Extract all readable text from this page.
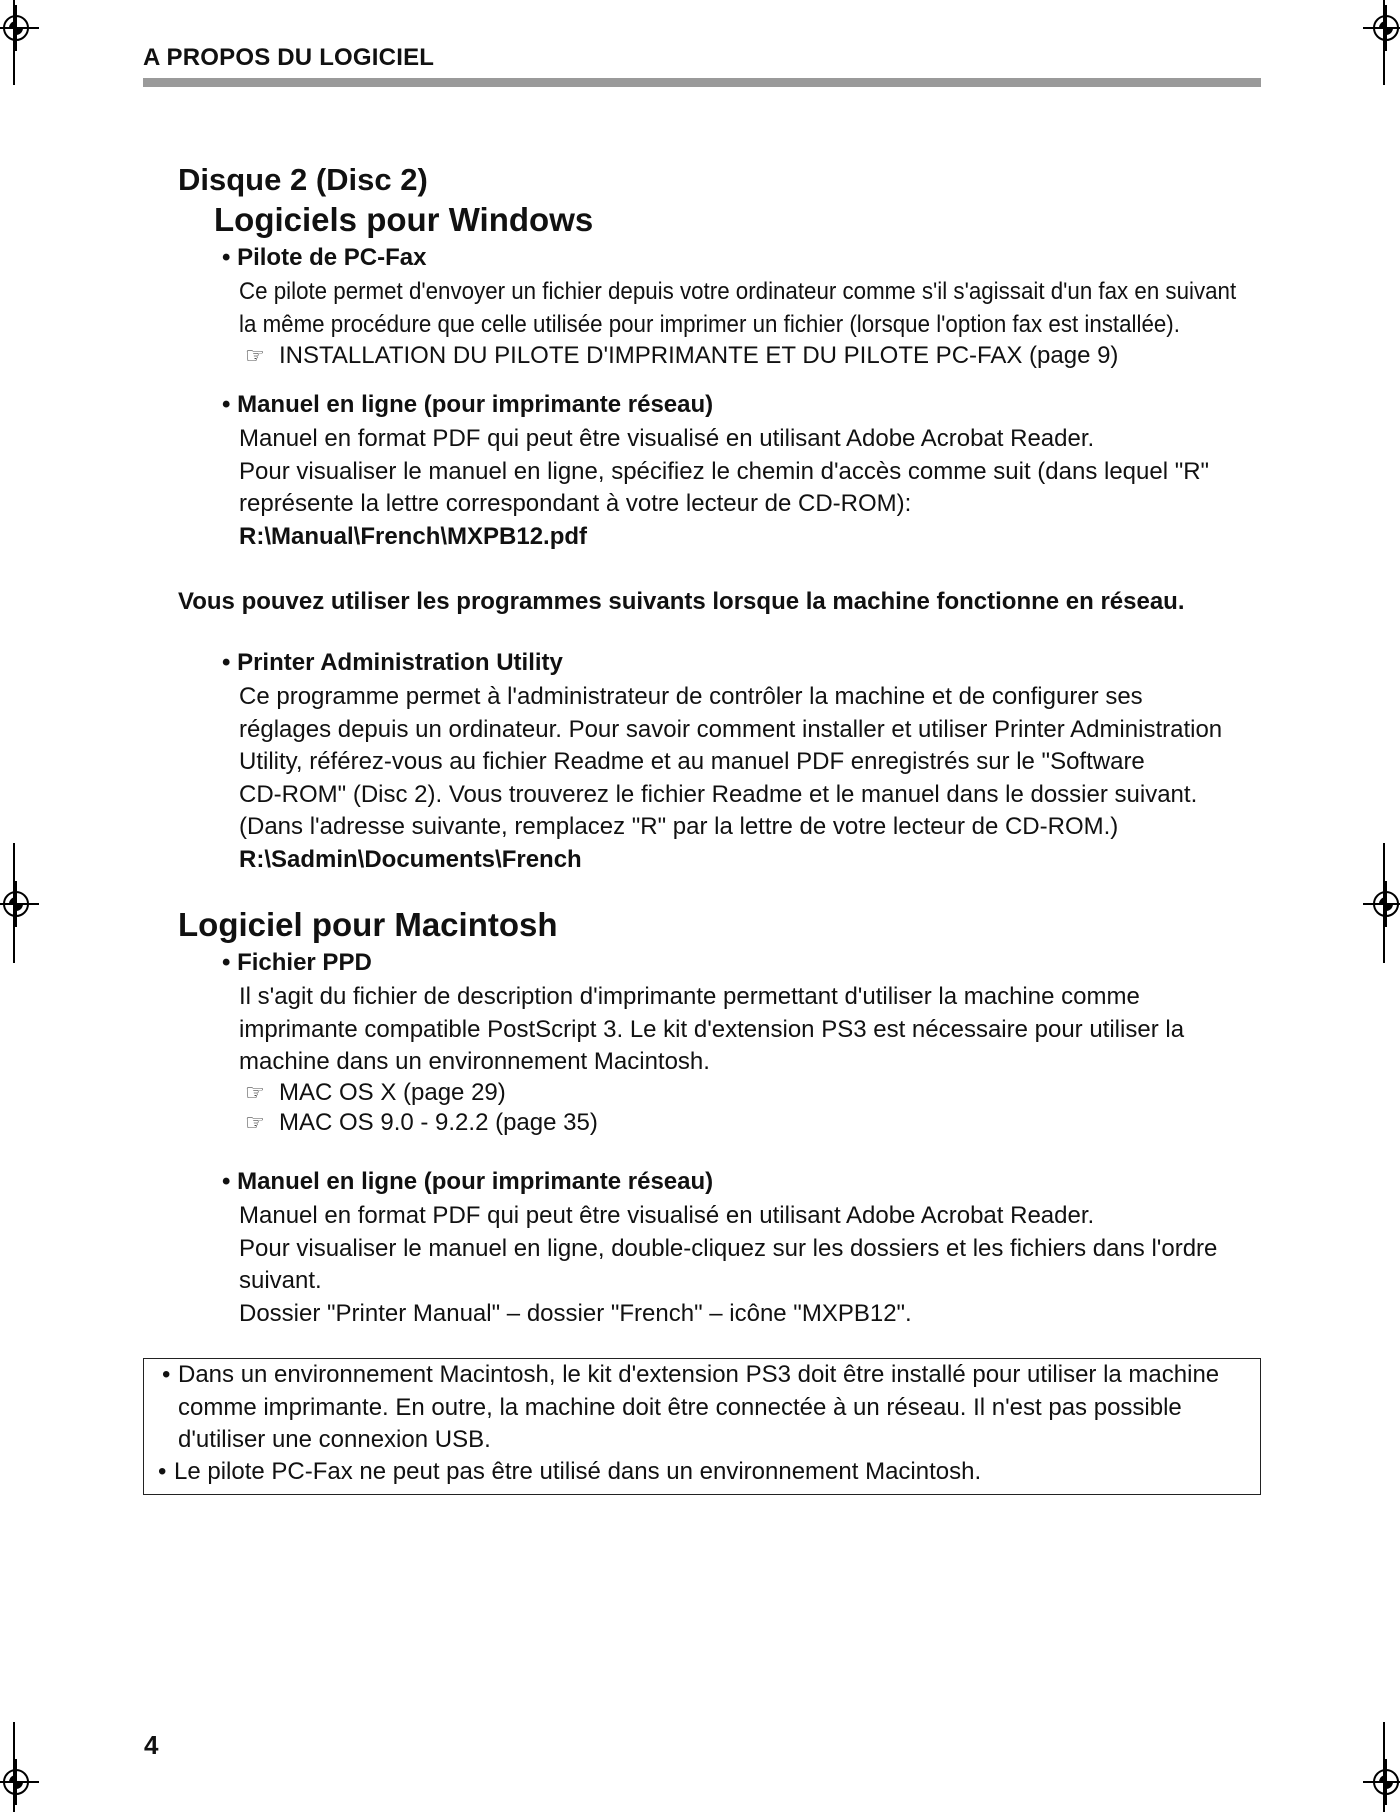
A PROPOS DU LOGICIEL
Disque 2 (Disc 2)
Logiciels pour Windows
• Pilote de PC-Fax
Ce pilote permet d'envoyer un fichier depuis votre ordinateur comme s'il s'agissait d'un fax en suivant
la même procédure que celle utilisée pour imprimer un fichier (lorsque l'option fax est installée).
☞ INSTALLATION DU PILOTE D'IMPRIMANTE ET DU PILOTE PC-FAX (page 9)
• Manuel en ligne (pour imprimante réseau)

Manuel en format PDF qui peut être visualisé en utilisant Adobe Acrobat Reader.

Pour visualiser le manuel en ligne, spécifiez le chemin d'accès comme suit (dans lequel "R"

représente la lettre correspondant à votre lecteur de CD-ROM):

R:\Manual\French\MXPB12.pdf

Vous pouvez utiliser les programmes suivants lorsque la machine fonctionne en réseau.
• Printer Administration Utility

Ce programme permet à l'administrateur de contrôler la machine et de configurer ses

réglages depuis un ordinateur. Pour savoir comment installer et utiliser Printer Administration

Utility, référez-vous au fichier Readme et au manuel PDF enregistrés sur le "Software

CD-ROM" (Disc 2). Vous trouverez le fichier Readme et le manuel dans le dossier suivant.

(Dans l'adresse suivante, remplacez "R" par la lettre de votre lecteur de CD-ROM.)

R:\Sadmin\Documents\French

Logiciel pour Macintosh
• Fichier PPD

Il s'agit du fichier de description d'imprimante permettant d'utiliser la machine comme

imprimante compatible PostScript 3. Le kit d'extension PS3 est nécessaire pour utiliser la

machine dans un environnement Macintosh.

☞ MAC OS X (page 29)
☞ MAC OS 9.0 - 9.2.2 (page 35)
• Manuel en ligne (pour imprimante réseau)

Manuel en format PDF qui peut être visualisé en utilisant Adobe Acrobat Reader.

Pour visualiser le manuel en ligne, double-cliquez sur les dossiers et les fichiers dans l'ordre

suivant.

Dossier "Printer Manual" – dossier "French" – icône "MXPB12".

• Dans un environnement Macintosh, le kit d'extension PS3 doit être installé pour utiliser la machine
comme imprimante. En outre, la machine doit être connectée à un réseau. Il n'est pas possible
d'utiliser une connexion USB.
• Le pilote PC-Fax ne peut pas être utilisé dans un environnement Macintosh.
4
